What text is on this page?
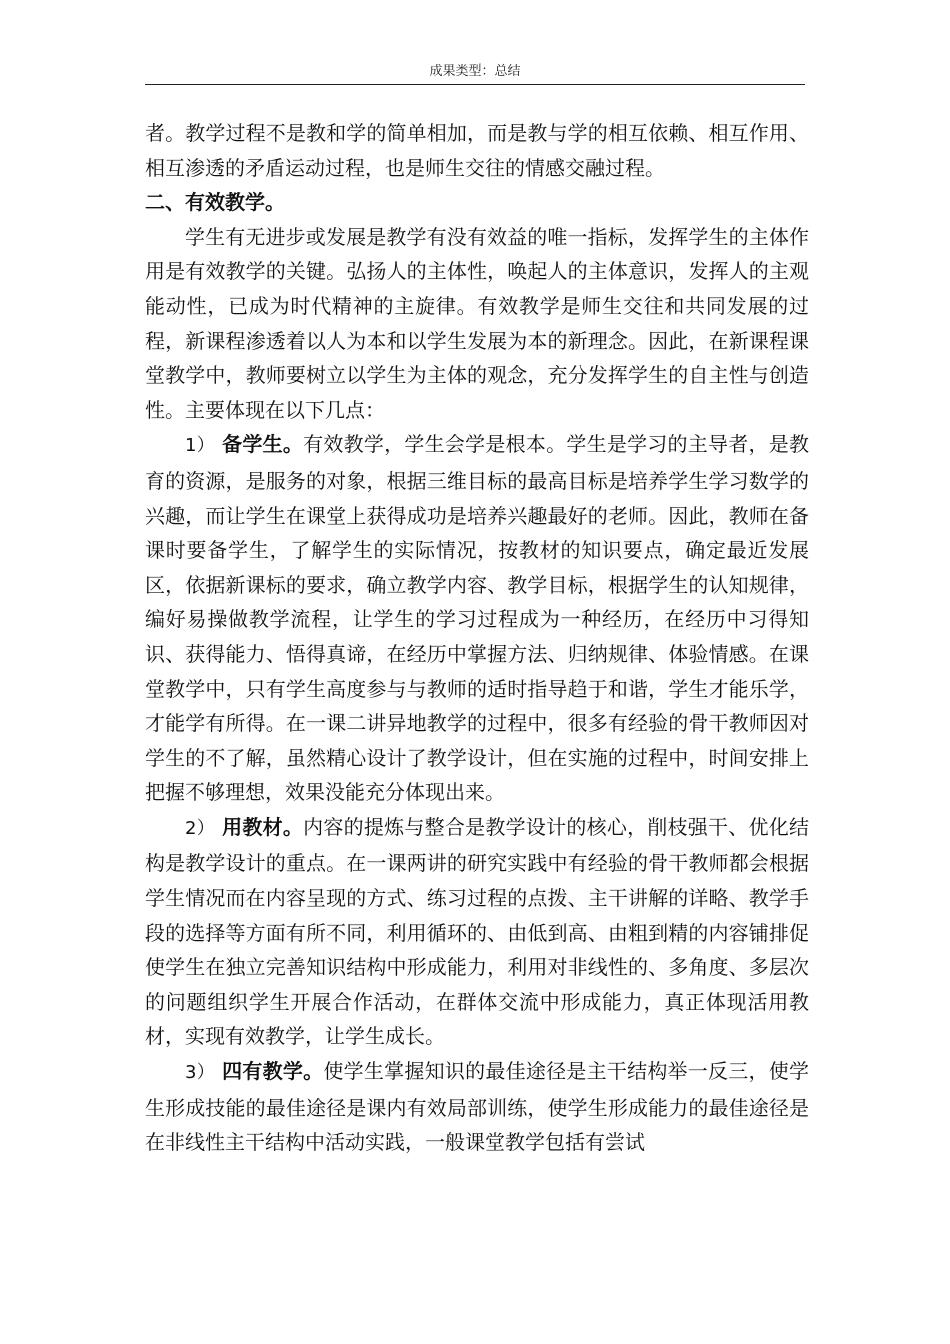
成果类型：总结

者。教学过程不是教和学的简单相加，而是教与学的相互依赖、相互作用、相互渗透的矛盾运动过程，也是师生交往的情感交融过程。

二、有效教学。

学生有无进步或发展是教学有没有效益的唯一指标，发挥学生的主体作用是有效教学的关键。弘扬人的主体性，唤起人的主体意识，发挥人的主观能动性，已成为时代精神的主旋律。有效教学是师生交往和共同发展的过程，新课程渗透着以人为本和以学生发展为本的新理念。因此，在新课程课堂教学中，教师要树立以学生为主体的观念，充分发挥学生的自主性与创造性。主要体现在以下几点：

1） 备学生。有效教学，学生会学是根本。学生是学习的主导者，是教育的资源，是服务的对象，根据三维目标的最高目标是培养学生学习数学的兴趣，而让学生在课堂上获得成功是培养兴趣最好的老师。因此，教师在备课时要备学生，了解学生的实际情况，按教材的知识要点，确定最近发展区，依据新课标的要求，确立教学内容、教学目标，根据学生的认知规律，编好易操做教学流程，让学生的学习过程成为一种经历，在经历中习得知识、获得能力、悟得真谛，在经历中掌握方法、归纳规律、体验情感。在课堂教学中，只有学生高度参与与教师的适时指导趋于和谐，学生才能乐学，才能学有所得。在一课二讲异地教学的过程中，很多有经验的骨干教师因对学生的不了解，虽然精心设计了教学设计，但在实施的过程中，时间安排上把握不够理想，效果没能充分体现出来。

2） 用教材。内容的提炼与整合是教学设计的核心，削枝强干、优化结构是教学设计的重点。在一课两讲的研究实践中有经验的骨干教师都会根据学生情况而在内容呈现的方式、练习过程的点拨、主干讲解的详略、教学手段的选择等方面有所不同，利用循环的、由低到高、由粗到精的内容铺排促使学生在独立完善知识结构中形成能力，利用对非线性的、多角度、多层次的问题组织学生开展合作活动，在群体交流中形成能力，真正体现活用教材，实现有效教学，让学生成长。

3） 四有教学。使学生掌握知识的最佳途径是主干结构举一反三，使学生形成技能的最佳途径是课内有效局部训练，使学生形成能力的最佳途径是在非线性主干结构中活动实践，一般课堂教学包括有尝试
